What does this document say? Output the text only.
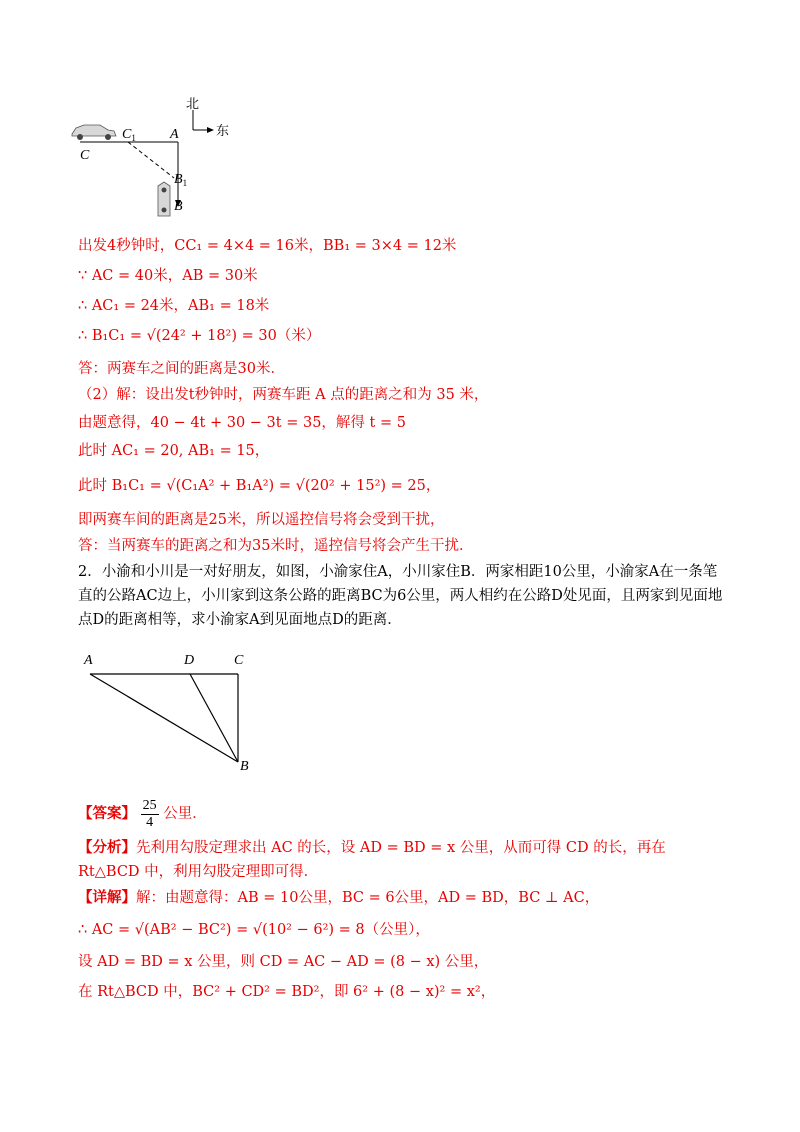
北
东
C
$C_1$ A
$B_1$
B
出发4秒钟时，CC₁ = 4×4 = 16米，BB₁ = 3×4 = 12米
∵ AC = 40米，AB = 30米
∴ AC₁ = 24米，AB₁ = 18米
∴ B₁C₁ = √(24² + 18²) = 30（米）
答：两赛车之间的距离是30米．
（2）解：设出发t秒钟时，两赛车距 A 点的距离之和为 35 米，
由题意得，40 − 4t + 30 − 3t = 35，解得 t = 5
此时 AC₁ = 20, AB₁ = 15，
此时 B₁C₁ = √(C₁A² + B₁A²) = √(20² + 15²) = 25，
即两赛车间的距离是25米，所以遥控信号将会受到干扰，
答：当两赛车的距离之和为35米时，遥控信号将会产生干扰．
2．小渝和小川是一对好朋友，如图，小渝家住A，小川家住B．两家相距10公里，小渝家A在一条笔直的公路AC边上，小川家到这条公路的距离BC为6公里，两人相约在公路D处见面，且两家到见面地点D的距离相等，求小渝家A到见面地点D的距离．
A	D	C
B
【答案】 $\frac{25}{4}$ 公里．
【分析】先利用勾股定理求出 AC 的长，设 AD = BD = x 公里，从而可得 CD 的长，再在 Rt△BCD 中，利用勾股定理即可得．
【详解】解：由题意得：AB = 10公里，BC = 6公里，AD = BD，BC ⊥ AC，
∴ AC = √(AB² − BC²) = √(10² − 6²) = 8（公里），
设 AD = BD = x 公里，则 CD = AC − AD = (8 − x) 公里，
在 Rt△BCD 中，BC² + CD² = BD²，即 6² + (8 − x)² = x²，
